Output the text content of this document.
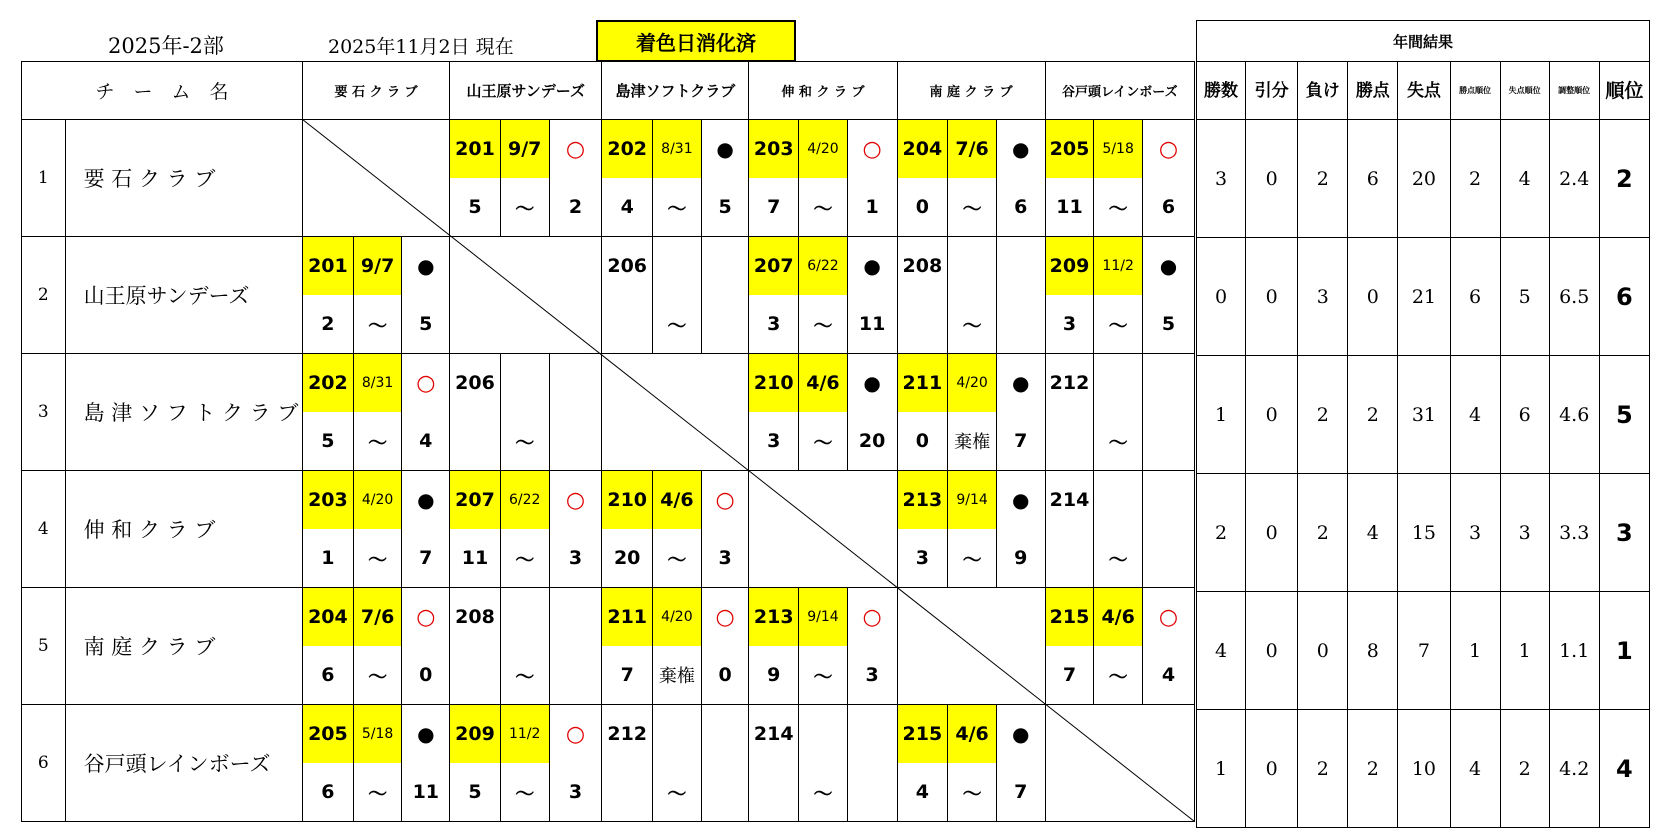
2025年-2部	2025年11月2日 現在	着色日消化済
チ　ー　ム　名		要 石 ク ラ ブ			山王原サンデーズ			島津ソフトクラブ			伸 和 ク ラ ブ			南 庭 ク ラ ブ			谷戸頭レインボーズ		
1	要 石 ク ラ ブ				201	9/7	○	202	8/31	●	203	4/20	○	204	7/6	●	205	5/18	○
					5	～	2	4	～	5	7	～	1	0	～	6	11	～	6
2	山王原サンデーズ	201	9/7	●				206			207	6/22	●	208			209	11/2	●
		2	～	5					～		3	～	11		～		3	～	5
3	島 津 ソ フ ト ク ラ ブ	202	8/31	○	206						210	4/6	●	211	4/20	●	212		
		5	～	4		～					3	～	20	0	棄権	7		～	
4	伸 和 ク ラ ブ	203	4/20	●	207	6/22	○	210	4/6	○				213	9/14	●	214		
		1	～	7	11	～	3	20	～	3				3	～	9		～	
5	南 庭 ク ラ ブ	204	7/6	○	208			211	4/20	○	213	9/14	○				215	4/6	○
		6	～	0		～		7	棄権	0	9	～	3				7	～	4
6	谷戸頭レインボーズ	205	5/18	●	209	11/2	○	212			214			215	4/6	●			
		6	～	11	5	～	3		～			～		4	～	7			
年間結果								
勝数	引分	負け	勝点	失点	勝点順位	失点順位	調整順位	順位
3	0	2	6	20	2	4	2.4	2
0	0	3	0	21	6	5	6.5	6
1	0	2	2	31	4	6	4.6	5
2	0	2	4	15	3	3	3.3	3
4	0	0	8	7	1	1	1.1	1
1	0	2	2	10	4	2	4.2	4
